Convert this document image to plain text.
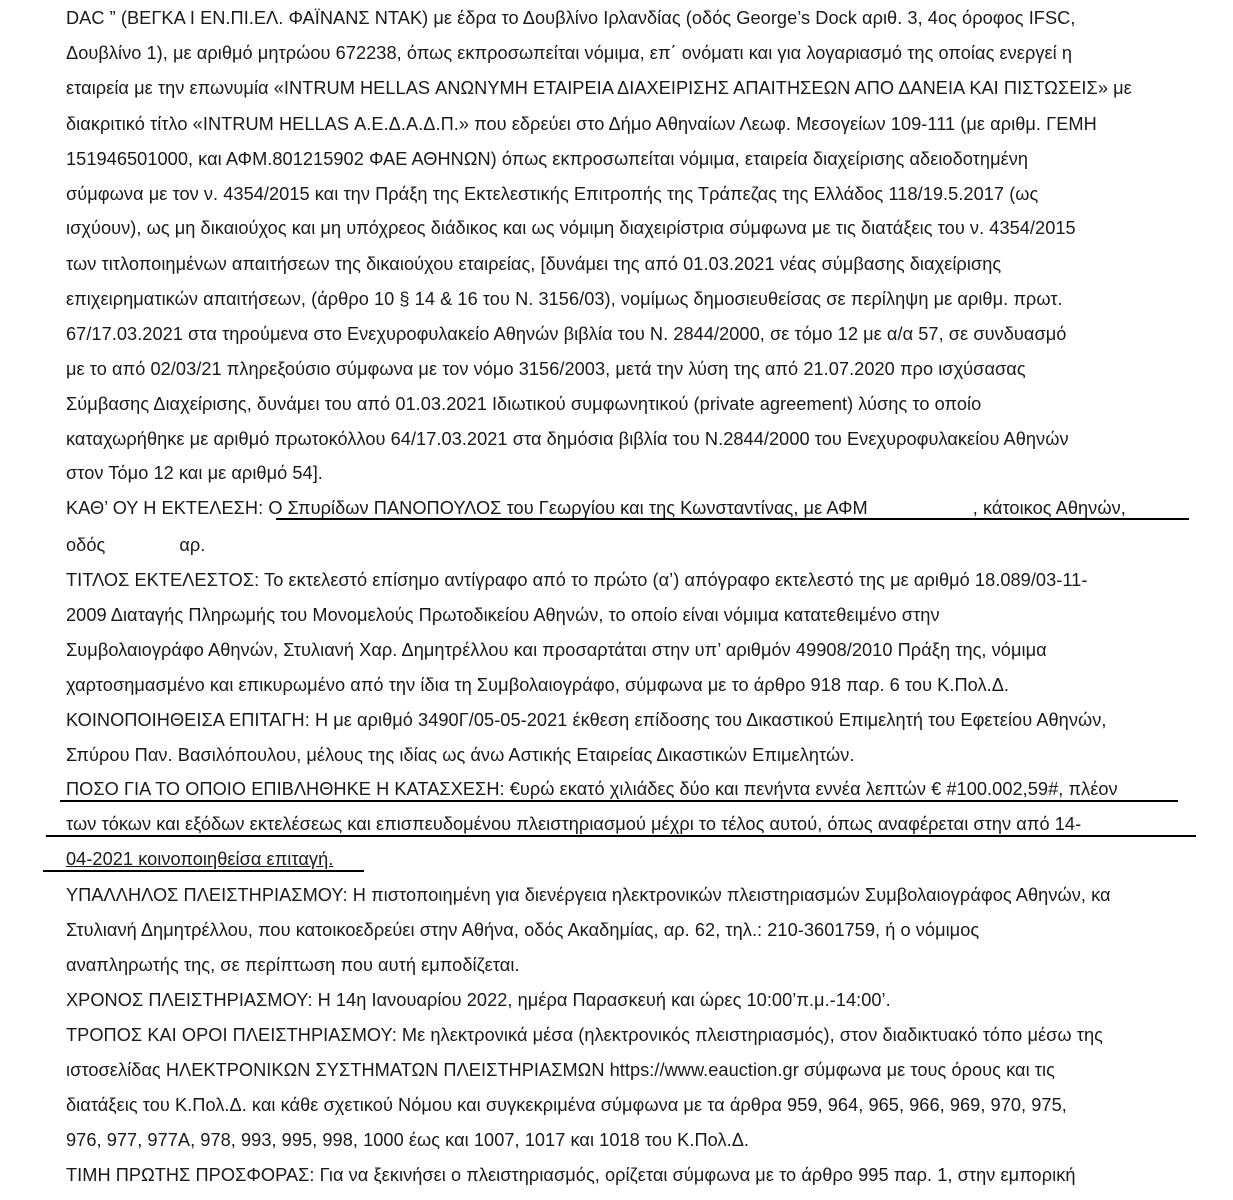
DAC ” (ΒΕΓΚΑ Ι ΕΝ.ΠΙ.ΕΛ. ΦΑΪΝΑΝΣ ΝΤΑΚ) με έδρα το Δουβλίνο Ιρλανδίας (οδός George’s Dock αριθ. 3, 4ος όροφος IFSC,
Δουβλίνο 1), με αριθμό μητρώου 672238, όπως εκπροσωπείται νόμιμα, επ΄ ονόματι και για λογαριασμό της οποίας ενεργεί η
εταιρεία με την επωνυμία «INTRUM HELLAS ΑΝΩΝΥΜΗ ΕΤΑΙΡΕΙΑ ΔΙΑΧΕΙΡΙΣΗΣ ΑΠΑΙΤΗΣΕΩΝ ΑΠΟ ΔΑΝΕΙΑ ΚΑΙ ΠΙΣΤΩΣΕΙΣ» με
διακριτικό τίτλο «INTRUM HELLAS Α.Ε.Δ.Α.Δ.Π.» που εδρεύει στο Δήμο Αθηναίων Λεωφ. Μεσογείων 109-111 (με αριθμ. ΓΕΜΗ
151946501000, και ΑΦΜ.801215902 ΦΑΕ ΑΘΗΝΩΝ) όπως εκπροσωπείται νόμιμα, εταιρεία διαχείρισης αδειοδοτημένη
σύμφωνα με τον ν. 4354/2015 και την Πράξη της Εκτελεστικής Επιτροπής της Τράπεζας της Ελλάδος 118/19.5.2017 (ως
ισχύουν), ως μη δικαιούχος και μη υπόχρεος διάδικος και ως νόμιμη διαχειρίστρια σύμφωνα με τις διατάξεις του ν. 4354/2015
των τιτλοποιημένων απαιτήσεων της δικαιούχου εταιρείας, [δυνάμει της από 01.03.2021 νέας σύμβασης διαχείρισης
επιχειρηματικών απαιτήσεων, (άρθρο 10 § 14 & 16 του Ν. 3156/03), νομίμως δημοσιευθείσας σε περίληψη με αριθμ. πρωτ.
67/17.03.2021 στα τηρούμενα στο Ενεχυροφυλακείο Αθηνών βιβλία του Ν. 2844/2000, σε τόμο 12 με α/α 57, σε συνδυασμό
με το από 02/03/21 πληρεξούσιο σύμφωνα με τον νόμο 3156/2003, μετά την λύση της από 21.07.2020 προ ισχύσασας
Σύμβασης Διαχείρισης, δυνάμει του από 01.03.2021 Ιδιωτικού συμφωνητικού (private agreement) λύσης το οποίο
καταχωρήθηκε με αριθμό πρωτοκόλλου 64/17.03.2021 στα δημόσια βιβλία του Ν.2844/2000 του Ενεχυροφυλακείου Αθηνών
στον Τόμο 12 και με αριθμό 54].
ΚΑΘ’ ΟΥ Η ΕΚΤΕΛΕΣΗ: Ο Σπυρίδων ΠΑΝΟΠΟΥΛΟΣ του Γεωργίου και της Κωνσταντίνας, με ΑΦΜ	, κάτοικος Αθηνών,
οδός	αρ.
ΤΙΤΛΟΣ ΕΚΤΕΛΕΣΤΟΣ: Το εκτελεστό επίσημο αντίγραφο από το πρώτο (α’) απόγραφο εκτελεστό της με αριθμό 18.089/03-11-
2009 Διαταγής Πληρωμής του Μονομελούς Πρωτοδικείου Αθηνών, το οποίο είναι νόμιμα κατατεθειμένο στην
Συμβολαιογράφο Αθηνών, Στυλιανή Χαρ. Δημητρέλλου και προσαρτάται στην υπ’ αριθμόν 49908/2010 Πράξη της, νόμιμα
χαρτοσημασμένο και επικυρωμένο από την ίδια τη Συμβολαιογράφο, σύμφωνα με το άρθρο 918 παρ. 6 του Κ.Πολ.Δ.
ΚΟΙΝΟΠΟΙΗΘΕΙΣΑ ΕΠΙΤΑΓΗ: Η με αριθμό 3490Γ/05-05-2021 έκθεση επίδοσης του Δικαστικού Επιμελητή του Εφετείου Αθηνών,
Σπύρου Παν. Βασιλόπουλου, μέλους της ιδίας ως άνω Αστικής Εταιρείας Δικαστικών Επιμελητών.
ΠΟΣΟ ΓΙΑ ΤΟ ΟΠΟΙΟ ΕΠΙΒΛΗΘΗΚΕ Η ΚΑΤΑΣΧΕΣΗ: €υρώ εκατό χιλιάδες δύο και πενήντα εννέα λεπτών € #100.002,59#, πλέον
των τόκων και εξόδων εκτελέσεως και επισπευδομένου πλειστηριασμού μέχρι το τέλος αυτού, όπως αναφέρεται στην από 14-
04-2021 κοινοποιηθείσα επιταγή.
ΥΠΑΛΛΗΛΟΣ ΠΛΕΙΣΤΗΡΙΑΣΜΟΥ: Η πιστοποιημένη για διενέργεια ηλεκτρονικών πλειστηριασμών Συμβολαιογράφος Αθηνών, κα
Στυλιανή Δημητρέλλου, που κατοικοεδρεύει στην Αθήνα, οδός Ακαδημίας, αρ. 62, τηλ.: 210-3601759, ή ο νόμιμος
αναπληρωτής της, σε περίπτωση που αυτή εμποδίζεται.
ΧΡΟΝΟΣ ΠΛΕΙΣΤΗΡΙΑΣΜΟΥ: Η 14η Ιανουαρίου 2022, ημέρα Παρασκευή και ώρες 10:00’π.μ.-14:00’.
ΤΡΟΠΟΣ ΚΑΙ ΟΡΟΙ ΠΛΕΙΣΤΗΡΙΑΣΜΟΥ: Με ηλεκτρονικά μέσα (ηλεκτρονικός πλειστηριασμός), στον διαδικτυακό τόπο μέσω της
ιστοσελίδας ΗΛΕΚΤΡΟΝΙΚΩΝ ΣΥΣΤΗΜΑΤΩΝ ΠΛΕΙΣΤΗΡΙΑΣΜΩΝ https://www.eauction.gr σύμφωνα με τους όρους και τις
διατάξεις του Κ.Πολ.Δ. και κάθε σχετικού Νόμου και συγκεκριμένα σύμφωνα με τα άρθρα 959, 964, 965, 966, 969, 970, 975,
976, 977, 977Α, 978, 993, 995, 998, 1000 έως και 1007, 1017 και 1018 του Κ.Πολ.Δ.
ΤΙΜΗ ΠΡΩΤΗΣ ΠΡΟΣΦΟΡΑΣ: Για να ξεκινήσει ο πλειστηριασμός, ορίζεται σύμφωνα με το άρθρο 995 παρ. 1, στην εμπορική
